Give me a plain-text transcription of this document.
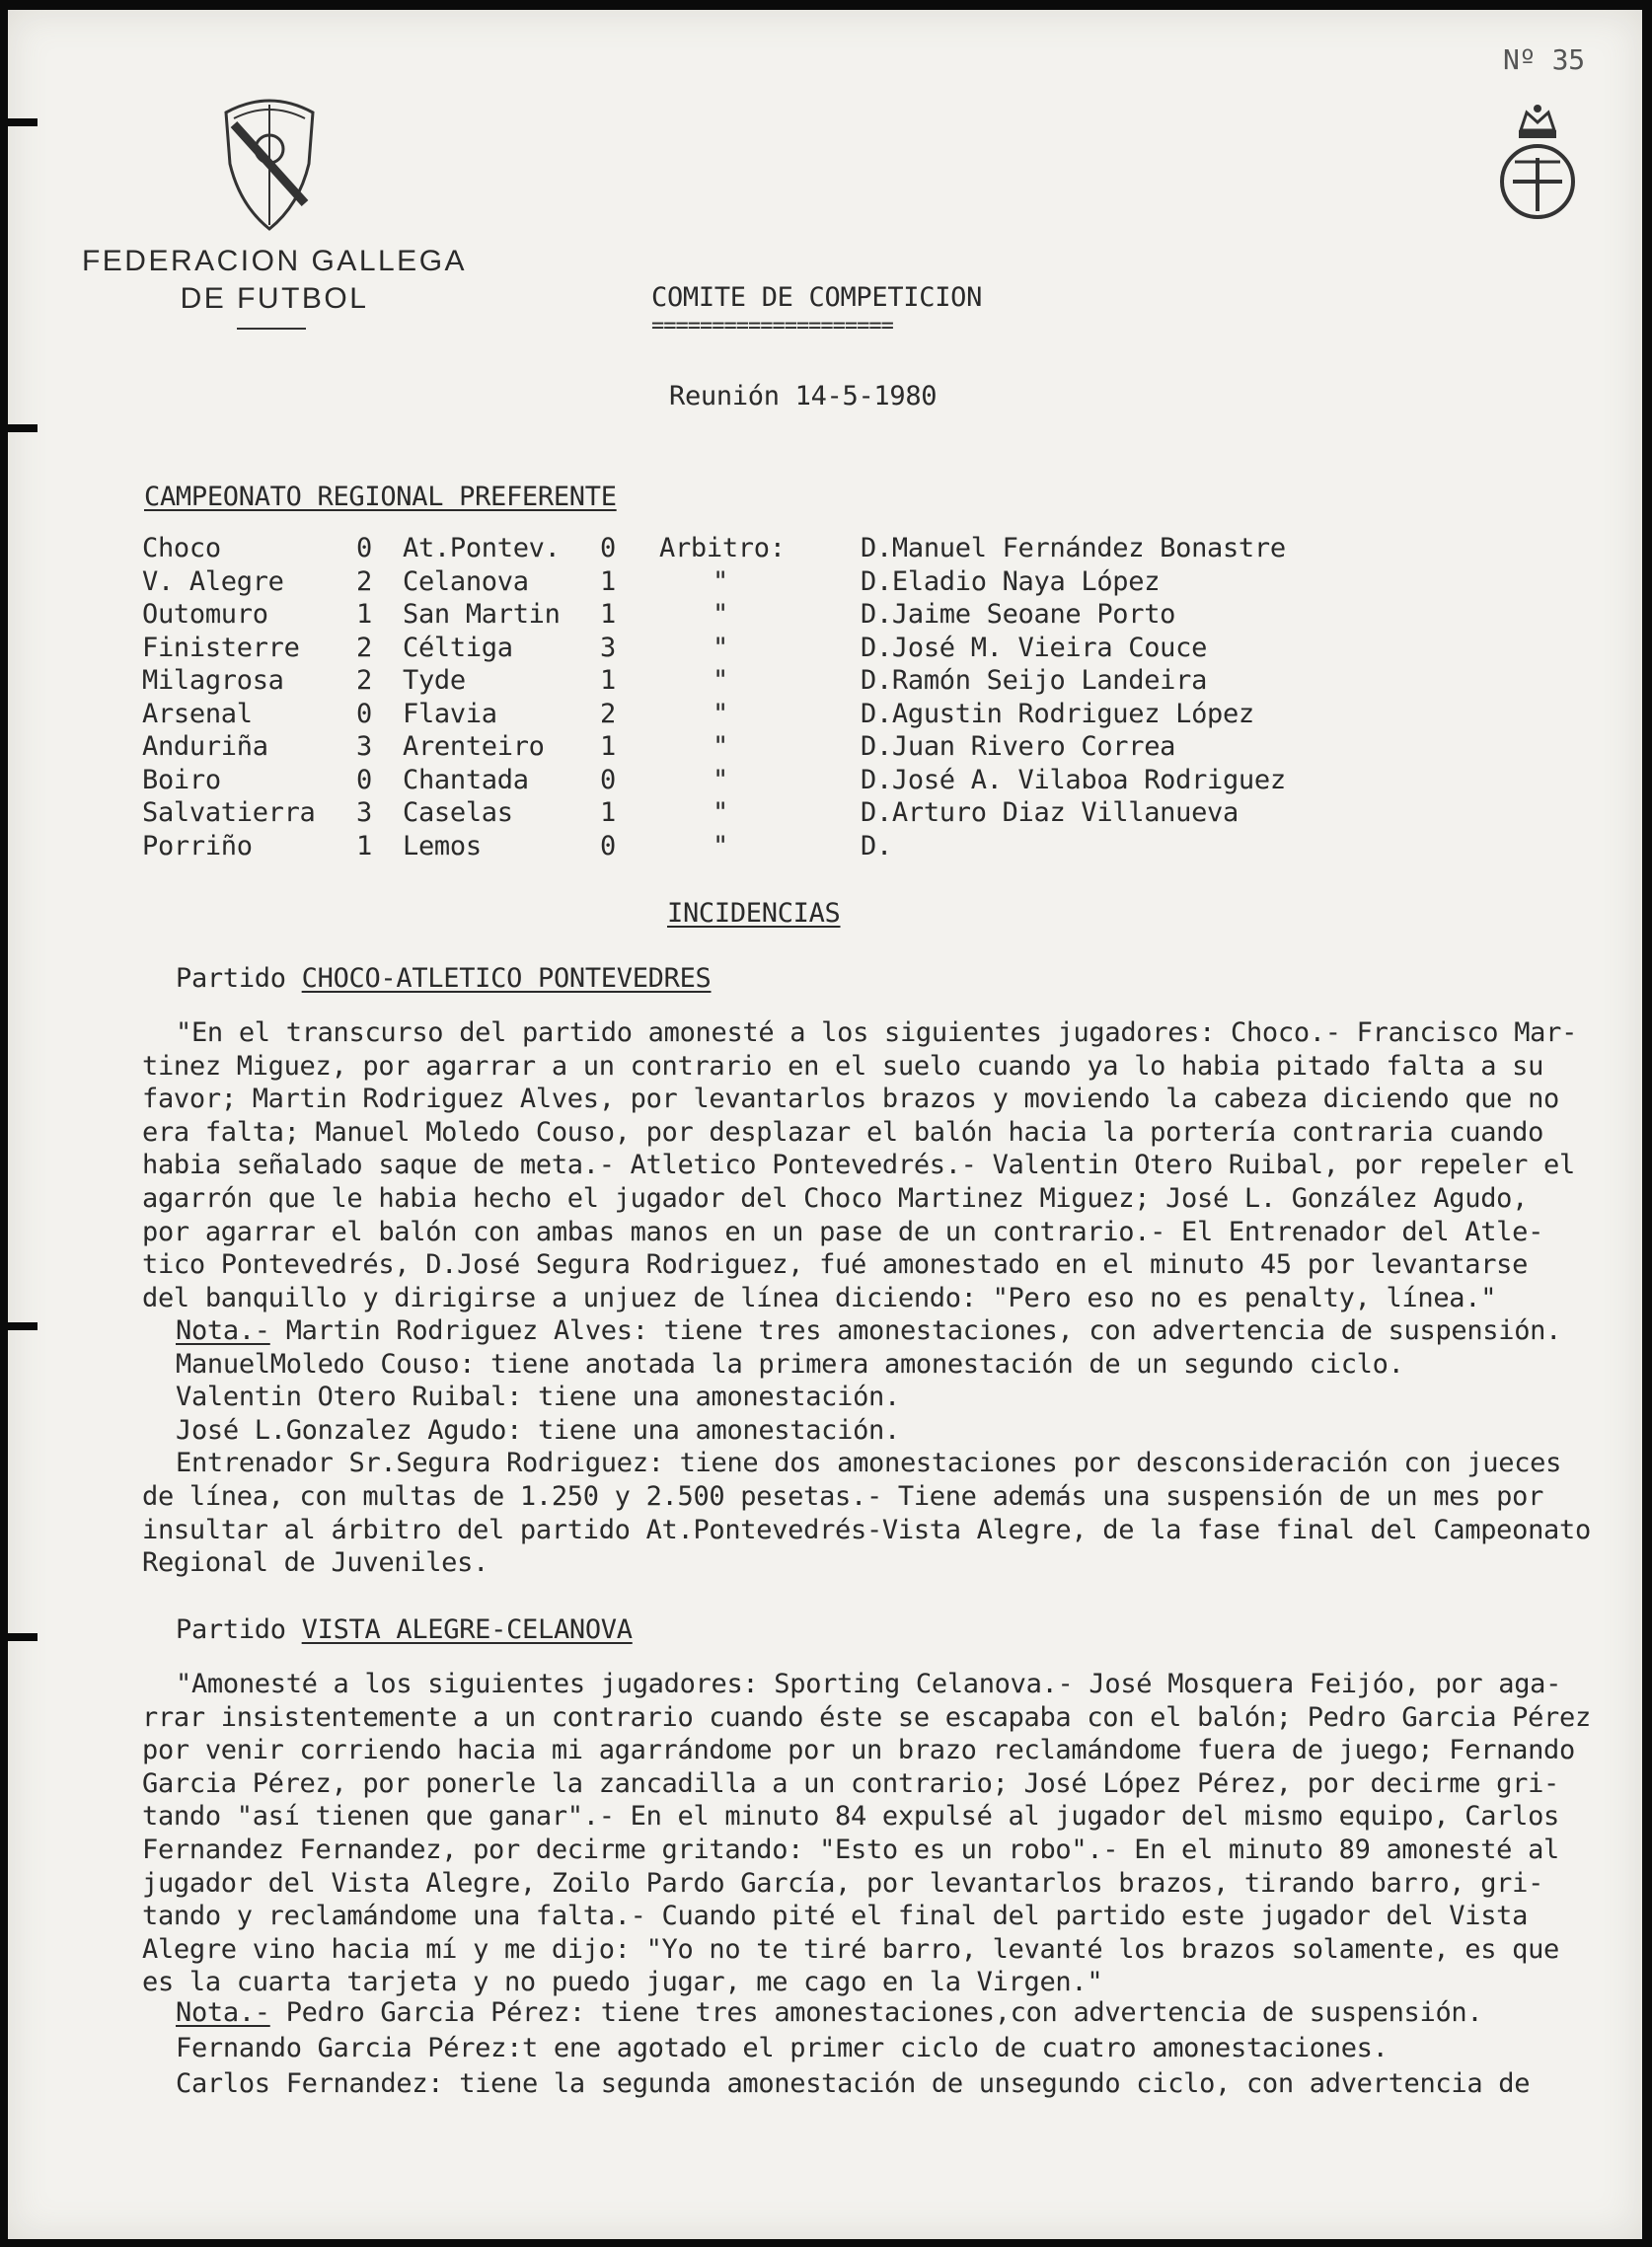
Nº 35
FEDERACION GALLEGA
DE FUTBOL	COMITE DE COMPETICION
====================
Reunión 14-5-1980
CAMPEONATO REGIONAL PREFERENTE
Choco	0	At.Pontev.	0	Arbitro:	D.Manuel Fernández Bonastre
V. Alegre	2	Celanova	1	"	D.Eladio Naya López
Outomuro	1	San Martin	1	"	D.Jaime Seoane Porto
Finisterre	2	Céltiga	3	"	D.José M. Vieira Couce
Milagrosa	2	Tyde	1	"	D.Ramón Seijo Landeira
Arsenal	0	Flavia	2	"	D.Agustin Rodriguez López
Anduriña	3	Arenteiro	1	"	D.Juan Rivero Correa
Boiro	0	Chantada	0	"	D.José A. Vilaboa Rodriguez
Salvatierra	3	Caselas	1	"	D.Arturo Diaz Villanueva
Porriño	1	Lemos	0	"	D.
INCIDENCIAS
Partido CHOCO-ATLETICO PONTEVEDRES

"En el transcurso del partido amonesté a los siguientes jugadores: Choco.- Francisco Mar-

tinez Miguez, por agarrar a un contrario en el suelo cuando ya lo habia pitado falta a su

favor; Martin Rodriguez Alves, por levantarlos brazos y moviendo la cabeza diciendo que no

era falta; Manuel Moledo Couso, por desplazar el balón hacia la portería contraria cuando

habia señalado saque de meta.- Atletico Pontevedrés.- Valentin Otero Ruibal, por repeler el

agarrón que le habia hecho el jugador del Choco Martinez Miguez; José L. González Agudo,

por agarrar el balón con ambas manos en un pase de un contrario.- El Entrenador del Atle-

tico Pontevedrés, D.José Segura Rodriguez, fué amonestado en el minuto 45 por levantarse

del banquillo y dirigirse a unjuez de línea diciendo: "Pero eso no es penalty, línea."

Nota.- Martin Rodriguez Alves: tiene tres amonestaciones, con advertencia de suspensión.

ManuelMoledo Couso: tiene anotada la primera amonestación de un segundo ciclo.

Valentin Otero Ruibal: tiene una amonestación.

José L.Gonzalez Agudo: tiene una amonestación.

Entrenador Sr.Segura Rodriguez: tiene dos amonestaciones por desconsideración con jueces

de línea, con multas de 1.250 y 2.500 pesetas.- Tiene además una suspensión de un mes por

insultar al árbitro del partido At.Pontevedrés-Vista Alegre, de la fase final del Campeonato

Regional de Juveniles.

Partido VISTA ALEGRE-CELANOVA

"Amonesté a los siguientes jugadores: Sporting Celanova.- José Mosquera Feijóo, por aga-

rrar insistentemente a un contrario cuando éste se escapaba con el balón; Pedro Garcia Pérez

por venir corriendo hacia mi agarrándome por un brazo reclamándome fuera de juego; Fernando

Garcia Pérez, por ponerle la zancadilla a un contrario; José López Pérez, por decirme gri-

tando "así tienen que ganar".- En el minuto 84 expulsé al jugador del mismo equipo, Carlos

Fernandez Fernandez, por decirme gritando: "Esto es un robo".- En el minuto 89 amonesté al

jugador del Vista Alegre, Zoilo Pardo García, por levantarlos brazos, tirando barro, gri-

tando y reclamándome una falta.- Cuando pité el final del partido este jugador del Vista

Alegre vino hacia mí y me dijo: "Yo no te tiré barro, levanté los brazos solamente, es que

es la cuarta tarjeta y no puedo jugar, me cago en la Virgen."

Nota.- Pedro Garcia Pérez: tiene tres amonestaciones,con advertencia de suspensión.

Fernando Garcia Pérez:t ene agotado el primer ciclo de cuatro amonestaciones.

Carlos Fernandez: tiene la segunda amonestación de unsegundo ciclo, con advertencia de
